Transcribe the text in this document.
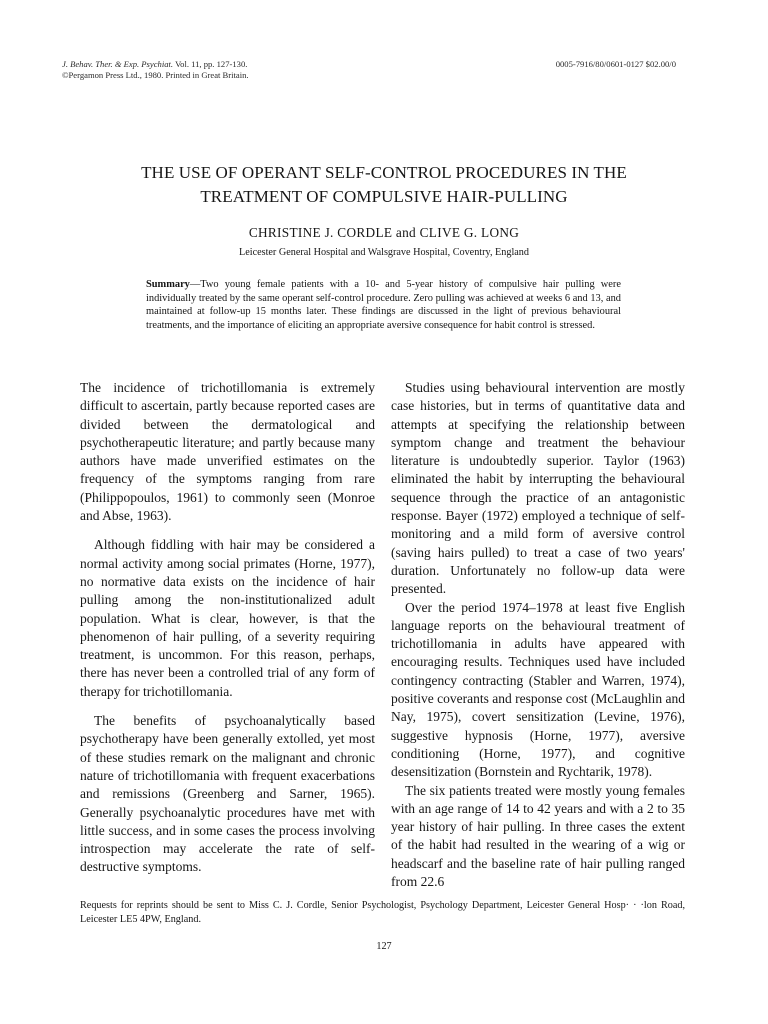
J. Behav. Ther. & Exp. Psychiat. Vol. 11, pp. 127-130.
©Pergamon Press Ltd., 1980. Printed in Great Britain.
0005-7916/80/0601-0127 $02.00/0
THE USE OF OPERANT SELF-CONTROL PROCEDURES IN THE
TREATMENT OF COMPULSIVE HAIR-PULLING
CHRISTINE J. CORDLE and CLIVE G. LONG
Leicester General Hospital and Walsgrave Hospital, Coventry, England
Summary—Two young female patients with a 10- and 5-year history of compulsive hair pulling were individually treated by the same operant self-control procedure. Zero pulling was achieved at weeks 6 and 13, and maintained at follow-up 15 months later. These findings are discussed in the light of previous behavioural treatments, and the importance of eliciting an appropriate aversive consequence for habit control is stressed.

The incidence of trichotillomania is extremely difficult to ascertain, partly because reported cases are divided between the dermatological and psychotherapeutic literature; and partly because many authors have made unverified estimates on the frequency of the symptoms ranging from rare (Philippopoulos, 1961) to commonly seen (Monroe and Abse, 1963).

Although fiddling with hair may be considered a normal activity among social primates (Horne, 1977), no normative data exists on the incidence of hair pulling among the non-institutionalized adult population. What is clear, however, is that the phenomenon of hair pulling, of a severity requiring treatment, is uncommon. For this reason, perhaps, there has never been a controlled trial of any form of therapy for trichotillomania.

The benefits of psychoanalytically based psychotherapy have been generally extolled, yet most of these studies remark on the malignant and chronic nature of trichotillomania with frequent exacerbations and remissions (Greenberg and Sarner, 1965). Generally psychoanalytic procedures have met with little success, and in some cases the process involving introspection may accelerate the rate of self-destructive symptoms.

Studies using behavioural intervention are mostly case histories, but in terms of quantitative data and attempts at specifying the relationship between symptom change and treatment the behaviour literature is undoubtedly superior. Taylor (1963) eliminated the habit by interrupting the behavioural sequence through the practice of an antagonistic response. Bayer (1972) employed a technique of self-monitoring and a mild form of aversive control (saving hairs pulled) to treat a case of two years' duration. Unfortunately no follow-up data were presented.

Over the period 1974–1978 at least five English language reports on the behavioural treatment of trichotillomania in adults have appeared with encouraging results. Techniques used have included contingency contracting (Stabler and Warren, 1974), positive coverants and response cost (McLaughlin and Nay, 1975), covert sensitization (Levine, 1976), suggestive hypnosis (Horne, 1977), aversive conditioning (Horne, 1977), and cognitive desensitization (Bornstein and Rychtarik, 1978).

The six patients treated were mostly young females with an age range of 14 to 42 years and with a 2 to 35 year history of hair pulling. In three cases the extent of the habit had resulted in the wearing of a wig or headscarf and the baseline rate of hair pulling ranged from 22.6

Requests for reprints should be sent to Miss C. J. Cordle, Senior Psychologist, Psychology Department, Leicester General Hosp· · ·lon Road, Leicester LE5 4PW, England.
127
